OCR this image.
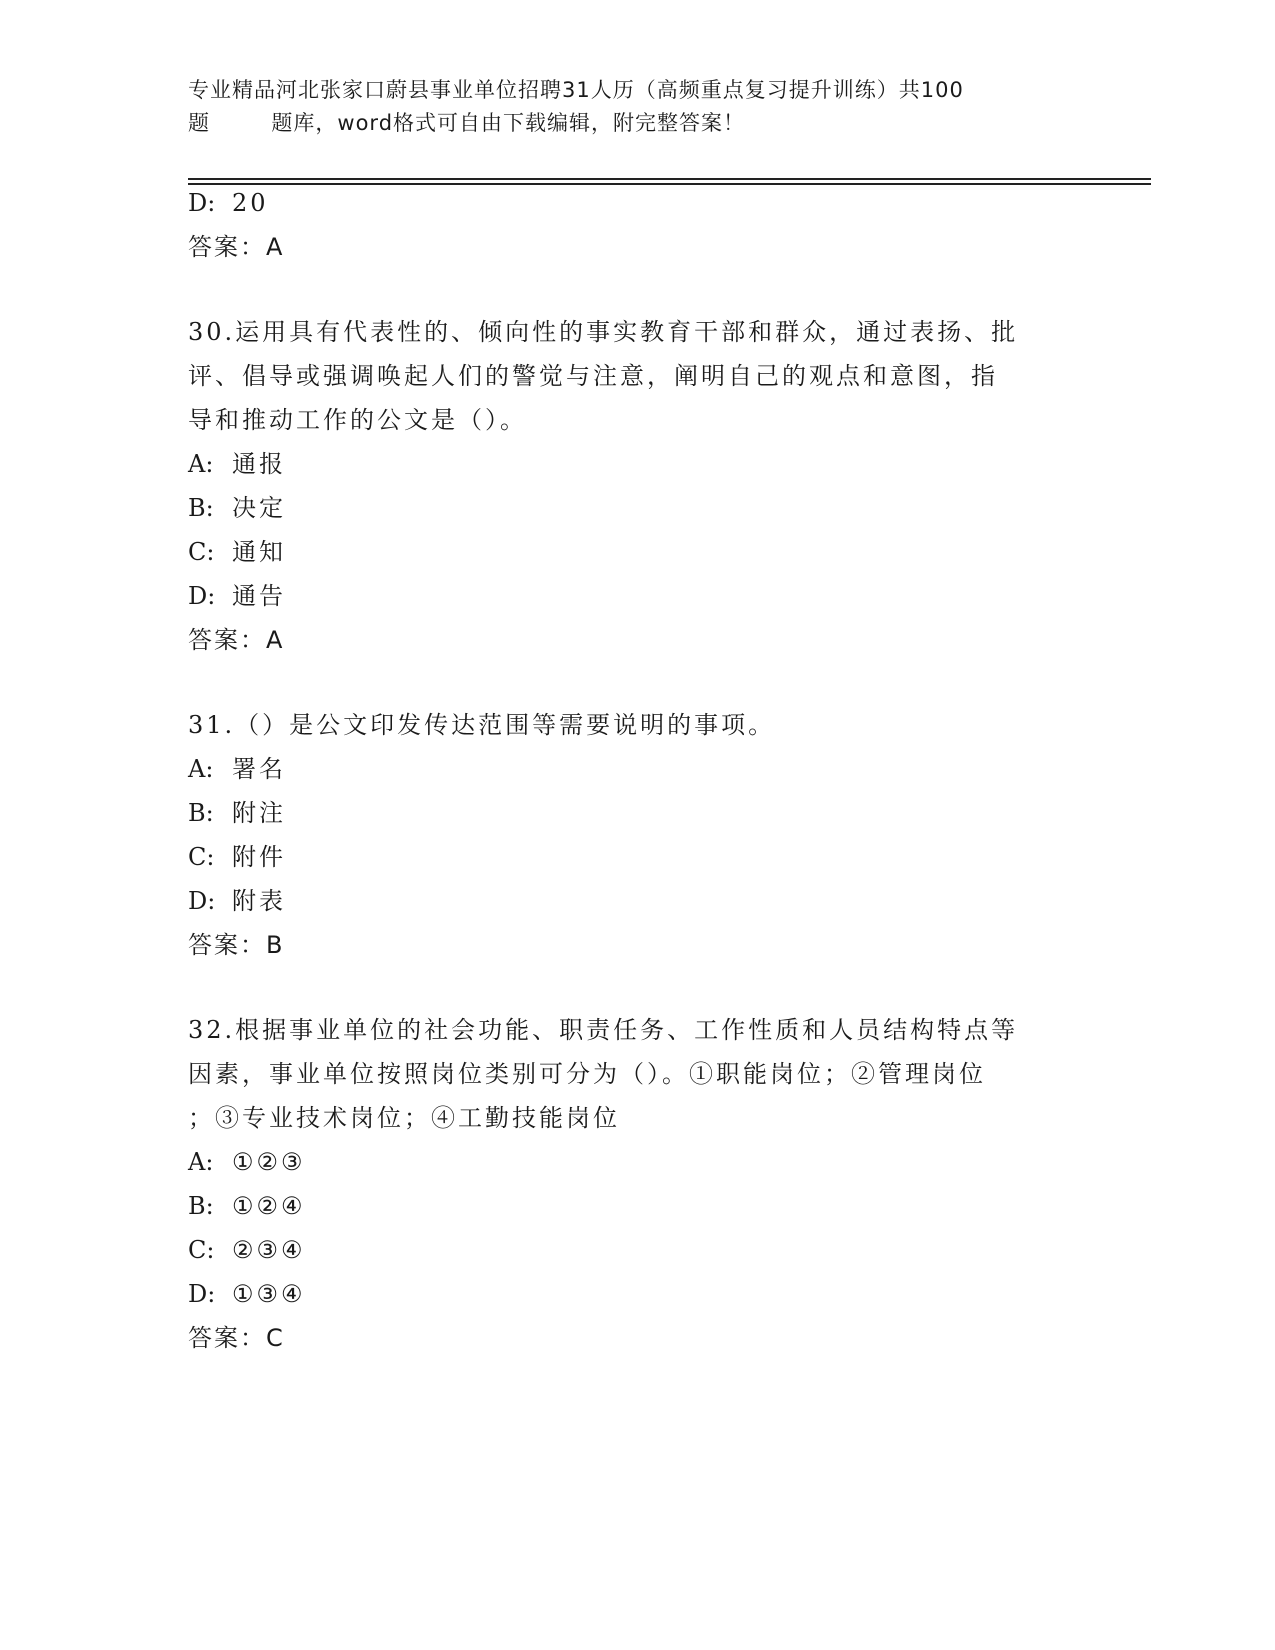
专业精品河北张家口蔚县事业单位招聘31人历（高频重点复习提升训练）共100
题        题库，word格式可自由下载编辑，附完整答案！
D: 20
答案：A
30.运用具有代表性的、倾向性的事实教育干部和群众，通过表扬、批
评、倡导或强调唤起人们的警觉与注意，阐明自己的观点和意图，指
导和推动工作的公文是（）。
A: 通报
B: 决定
C: 通知
D: 通告
答案：A
31.（）是公文印发传达范围等需要说明的事项。
A: 署名
B: 附注
C: 附件
D: 附表
答案：B
32.根据事业单位的社会功能、职责任务、工作性质和人员结构特点等
因素，事业单位按照岗位类别可分为（）。①职能岗位；②管理岗位
；③专业技术岗位；④工勤技能岗位
A: ①②③
B: ①②④
C: ②③④
D: ①③④
答案：C
